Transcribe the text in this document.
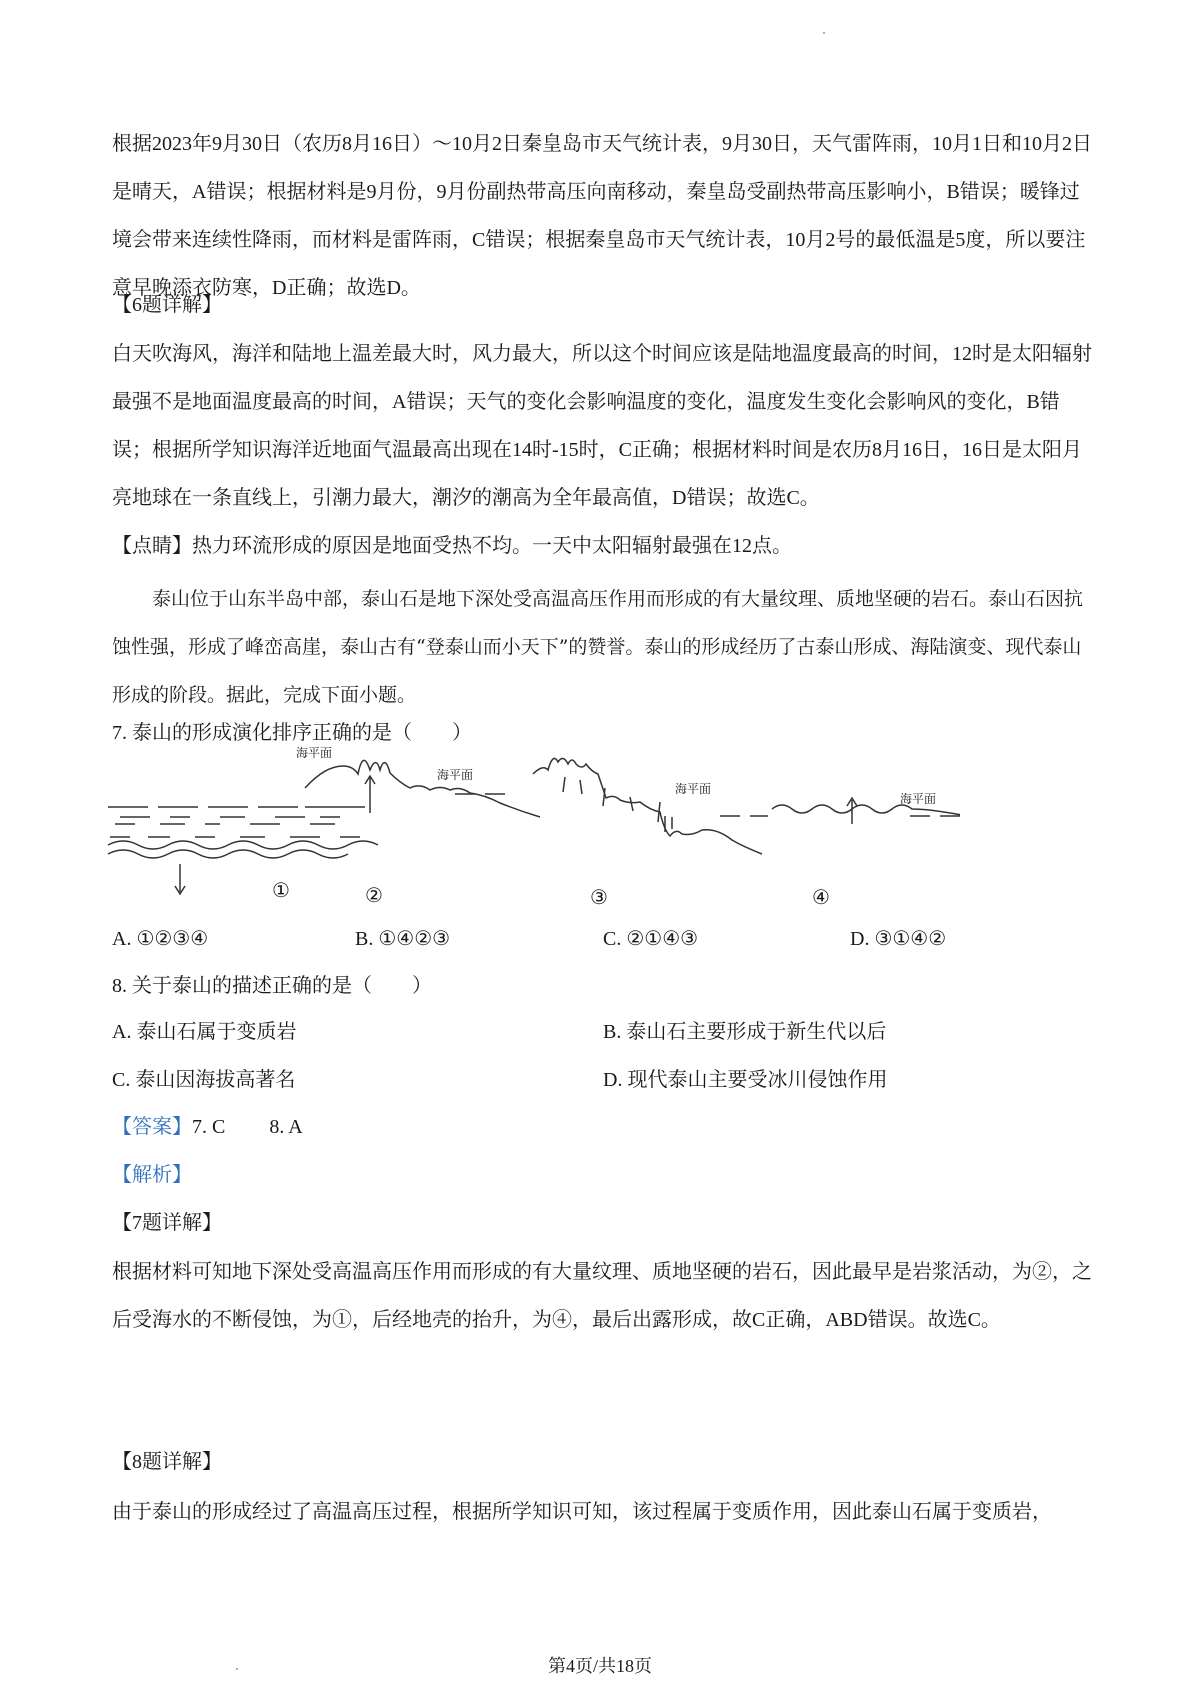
根据2023年9月30日（农历8月16日）～10月2日秦皇岛市天气统计表，9月30日，天气雷阵雨，10月1日和10月2日是晴天，A错误；根据材料是9月份，9月份副热带高压向南移动，秦皇岛受副热带高压影响小，B错误；暖锋过境会带来连续性降雨，而材料是雷阵雨，C错误；根据秦皇岛市天气统计表，10月2号的最低温是5度，所以要注意早晚添衣防寒，D正确；故选D。

【6题详解】

白天吹海风，海洋和陆地上温差最大时，风力最大，所以这个时间应该是陆地温度最高的时间，12时是太阳辐射最强不是地面温度最高的时间，A错误；天气的变化会影响温度的变化，温度发生变化会影响风的变化，B错误；根据所学知识海洋近地面气温最高出现在14时-15时，C正确；根据材料时间是农历8月16日，16日是太阳月亮地球在一条直线上，引潮力最大，潮汐的潮高为全年最高值，D错误；故选C。

【点睛】热力环流形成的原因是地面受热不均。一天中太阳辐射最强在12点。

泰山位于山东半岛中部，泰山石是地下深处受高温高压作用而形成的有大量纹理、质地坚硬的岩石。泰山石因抗蚀性强，形成了峰峦高崖，泰山古有“登泰山而小天下”的赞誉。泰山的形成经历了古泰山形成、海陆演变、现代泰山形成的阶段。据此，完成下面小题。

7. 泰山的形成演化排序正确的是（　　）

海平面
海平面
海平面
海平面
①	②	③	④
A. ①②③④	B. ①④②③	C. ②①④③	D. ③①④②

8. 关于泰山的描述正确的是（　　）

A. 泰山石属于变质岩	B. 泰山石主要形成于新生代以后
C. 泰山因海拔高著名	D. 现代泰山主要受冰川侵蚀作用

【答案】7. C 8. A

【解析】

【7题详解】

根据材料可知地下深处受高温高压作用而形成的有大量纹理、质地坚硬的岩石，因此最早是岩浆活动，为②，之后受海水的不断侵蚀，为①，后经地壳的抬升，为④，最后出露形成，故C正确，ABD错误。故选C。

【8题详解】

由于泰山的形成经过了高温高压过程，根据所学知识可知，该过程属于变质作用，因此泰山石属于变质岩，

第4页/共18页
